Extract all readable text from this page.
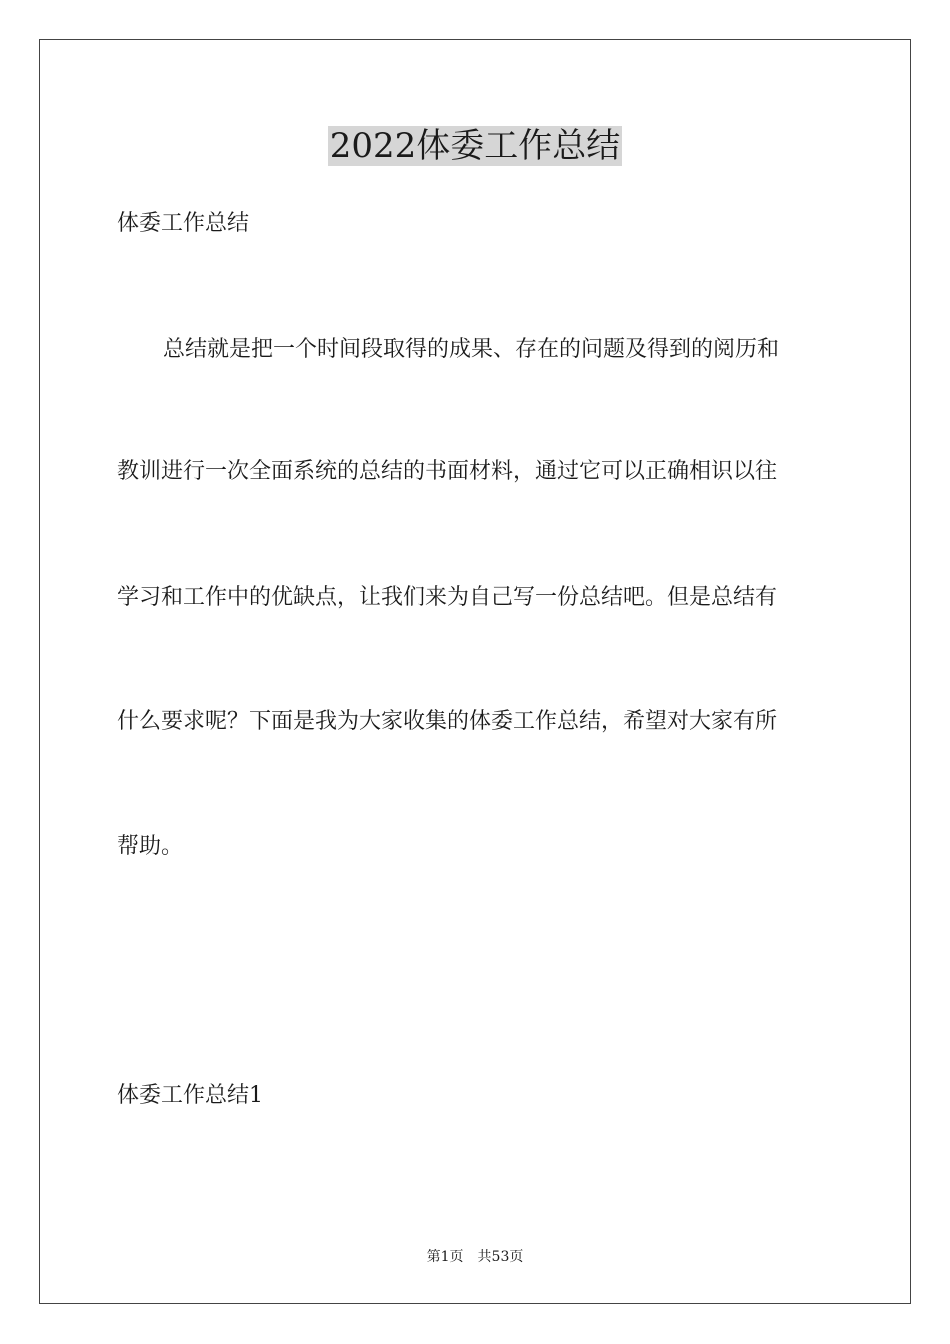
2022体委工作总结
体委工作总结
总结就是把一个时间段取得的成果、存在的问题及得到的阅历和
教训进行一次全面系统的总结的书面材料，通过它可以正确相识以往
学习和工作中的优缺点，让我们来为自己写一份总结吧。但是总结有
什么要求呢？下面是我为大家收集的体委工作总结，希望对大家有所
帮助。
体委工作总结1
第1页　共53页
